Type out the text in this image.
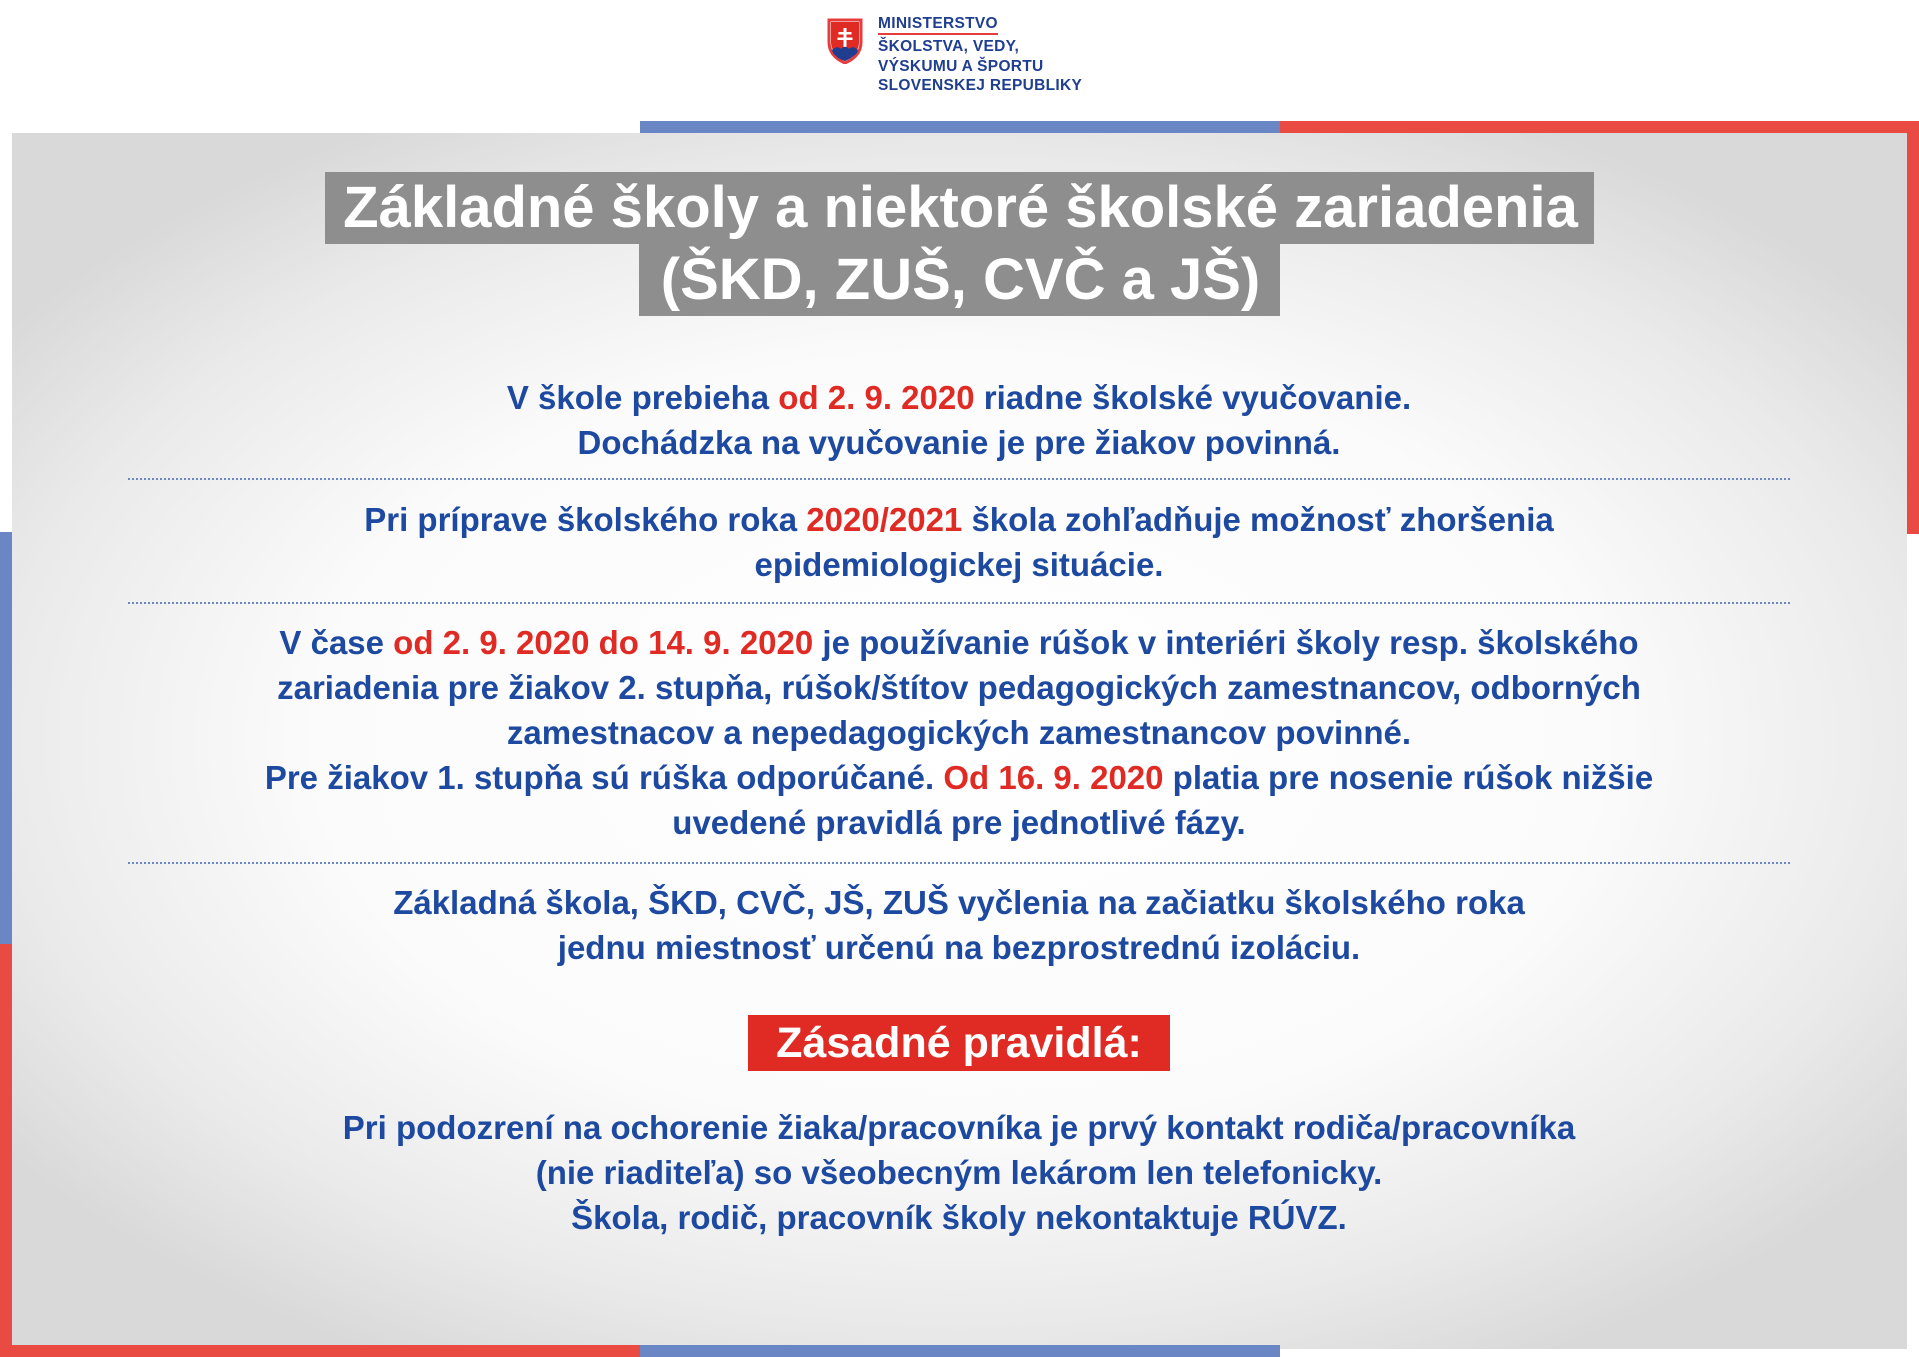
MINISTERSTVO
ŠKOLSTVA, VEDY,
VÝSKUMU A ŠPORTU
SLOVENSKEJ REPUBLIKY
Základné školy a niektoré školské zariadenia
(ŠKD, ZUŠ, CVČ a JŠ)
V škole prebieha od 2. 9. 2020 riadne školské vyučovanie.
Dochádzka na vyučovanie je pre žiakov povinná.
Pri príprave školského roka 2020/2021 škola zohľadňuje možnosť zhoršenia
epidemiologickej situácie.
V čase od 2. 9. 2020 do 14. 9. 2020 je používanie rúšok v interiéri školy resp. školského
zariadenia pre žiakov 2. stupňa, rúšok/štítov pedagogických zamestnancov, odborných
zamestnacov a nepedagogických zamestnancov povinné.
Pre žiakov 1. stupňa sú rúška odporúčané. Od 16. 9. 2020 platia pre nosenie rúšok nižšie
uvedené pravidlá pre jednotlivé fázy.
Základná škola, ŠKD, CVČ, JŠ, ZUŠ vyčlenia na začiatku školského roka
jednu miestnosť určenú na bezprostrednú izoláciu.
Zásadné pravidlá:
Pri podozrení na ochorenie žiaka/pracovníka je prvý kontakt rodiča/pracovníka
(nie riaditeľa) so všeobecným lekárom len telefonicky.
Škola, rodič, pracovník školy nekontaktuje RÚVZ.
